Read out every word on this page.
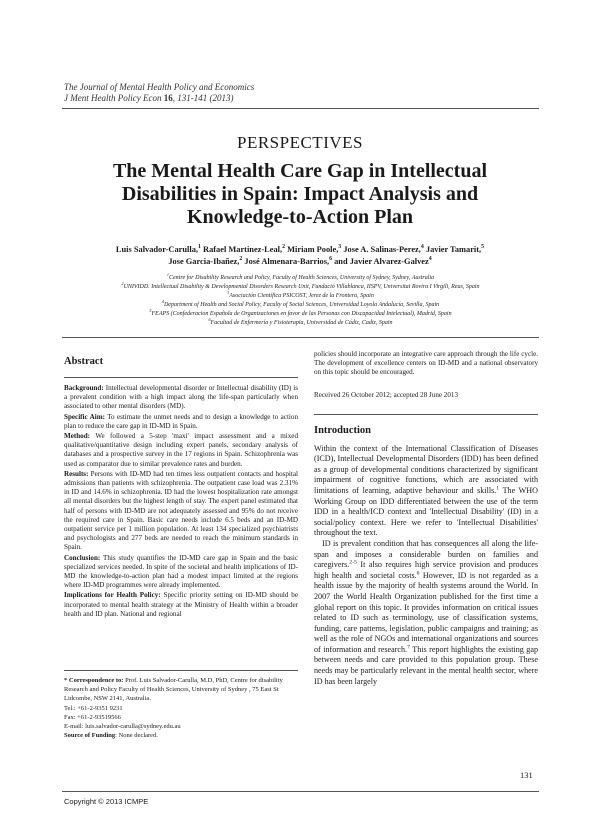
The Journal of Mental Health Policy and Economics
J Ment Health Policy Econ 16, 131-141 (2013)
PERSPECTIVES
The Mental Health Care Gap in Intellectual Disabilities in Spain: Impact Analysis and Knowledge-to-Action Plan
Luis Salvador-Carulla,$^1$ Rafael Martinez-Leal,$^2$ Miriam Poole,$^3$ Jose A. Salinas-Perez,$^4$ Javier Tamarit,$^5$
Jose Garcia-Ibañez,$^2$ José Almenara-Barrios,$^6$ and Javier Alvarez-Galvez$^4$
$^1$Centre for Disability Research and Policy, Faculty of Health Sciences, University of Sydney, Sydney, Australia
$^2$UNIVIDD. Intellectual Disability & Developmental Disorders Research Unit, Fundació Villablanca, IISPV, Universitat Rovira I Virgili, Reus, Spain
$^3$Asociación Científica PSICOST, Jerez de la Frontera, Spain
$^4$Department of Health and Social Policy, Faculty of Social Sciences, Universidad Loyola Andalucía, Sevilla, Spain
$^5$FEAPS (Confederacion Española de Organizaciones en favor de las Personas con Discapacidad Intelectual), Madrid, Spain
$^6$Facultad de Enfermería y Fisioterapia, Universidad de Cádiz, Cadiz, Spain
Abstract

Background: Intellectual developmental disorder or Intellectual disability (ID) is a prevalent condition with a high impact along the life-span particularly when associated to other mental disorders (MD).

Specific Aim: To estimate the unmet needs and to design a knowledge to action plan to reduce the care gap in ID-MD in Spain.

Method: We followed a 5-step 'maxi' impact assessment and a mixed qualitative/quantitative design including expert panels, secondary analysis of databases and a prospective survey in the 17 regions in Spain. Schizophrenia was used as comparator due to similar prevalence rates and burden.

Results: Persons with ID-MD had ten times less outpatient contacts and hospital admissions than patients with schizophrenia. The outpatient case load was 2.31% in ID and 14.6% in schizophrenia. ID had the lowest hospitalization rate amongst all mental disorders but the highest length of stay. The expert panel estimated that half of persons with ID-MD are not adequately assessed and 95% do not receive the required care in Spain. Basic care needs include 6.5 beds and an ID-MD outpatient service per 1 million population. At least 134 specialized psychiatrists and psychologists and 277 beds are needed to reach the minimum standards in Spain.

Conclusion: This study quantifies the ID-MD care gap in Spain and the basic specialized services needed. In spite of the societal and health implications of ID-MD the knowledge-to-action plan had a modest impact limited at the regions where ID-MD programmes were already implemented.

Implications for Health Policy: Specific priority setting on ID-MD should be incorporated to mental health strategy at the Ministry of Health within a broader health and ID plan. National and regional

policies should incorporate an integrative care approach through the life cycle. The development of excellence centers on ID-MD and a national observatory on this topic should be encouraged.
Received 26 October 2012; accepted 28 June 2013
Introduction

Within the context of the International Classification of Diseases (ICD), Intellectual Developmental Disorders (IDD) has been defined as a group of developmental conditions characterized by significant impairment of cognitive functions, which are associated with limitations of learning, adaptive behaviour and skills.$^1$ The WHO Working Group on IDD differentiated between the use of the term IDD in a health/ICD context and 'Intellectual Disability' (ID) in a social/policy context. Here we refer to 'Intellectual Disabilities' throughout the text.

ID is prevalent condition that has consequences all along the life-span and imposes a considerable burden on families and caregivers.$^{2-5}$ It also requires high service provision and produces high health and societal costs.$^6$ However, ID is not regarded as a health issue by the majority of health systems around the World. In 2007 the World Health Organization published for the first time a global report on this topic. It provides information on critical issues related to ID such as terminology, use of classification systems, funding, care patterns, legislation, public campaigns and training; as well as the role of NGOs and international organizations and sources of information and research.$^7$ This report highlights the existing gap between needs and care provided to this population group. These needs may be particularly relevant in the mental health sector, where ID has been largely

* Correspondence to: Prof. Luis Salvador-Carulla, M.D, PhD, Centre for disability Research and Policy Faculty of Health Sciences, University of Sydney , 75 East St Lidcombe, NSW 2141, Australia.
Tel.: +61-2-9351 9231
Fax: +61-2-93519566
E-mail: luis.salvador-carulla@sydney.edu.au
Source of Funding: None declared.
131
Copyright © 2013 ICMPE
